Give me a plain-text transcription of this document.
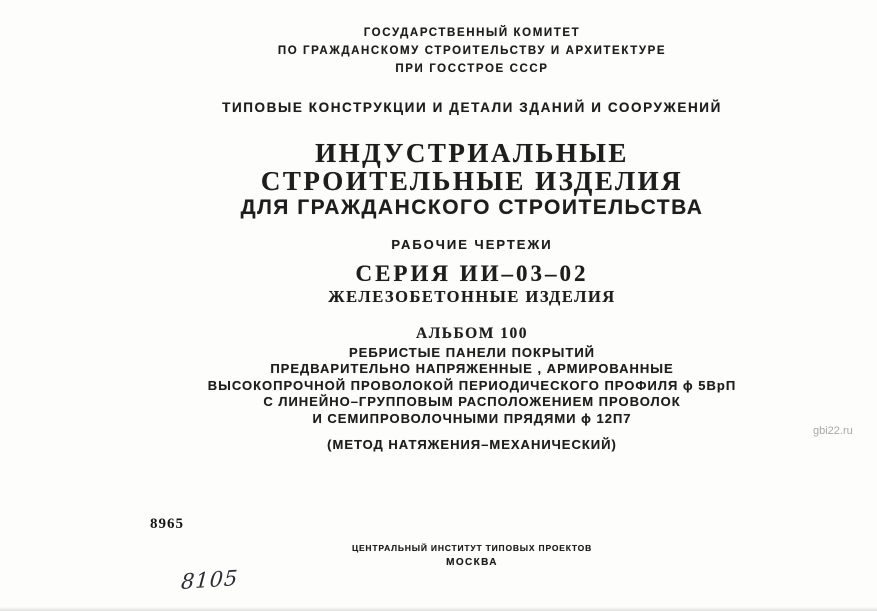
ГОСУДАРСТВЕННЫЙ КОМИТЕТ
ПО ГРАЖДАНСКОМУ СТРОИТЕЛЬСТВУ И АРХИТЕКТУРЕ
ПРИ ГОССТРОЕ СССР
ТИПОВЫЕ КОНСТРУКЦИИ И ДЕТАЛИ ЗДАНИЙ И СООРУЖЕНИЙ
ИНДУСТРИАЛЬНЫЕ
СТРОИТЕЛЬНЫЕ ИЗДЕЛИЯ
ДЛЯ ГРАЖДАНСКОГО СТРОИТЕЛЬСТВА
РАБОЧИЕ ЧЕРТЕЖИ
СЕРИЯ ИИ–03–02
ЖЕЛЕЗОБЕТОННЫЕ ИЗДЕЛИЯ
АЛЬБОМ 100
РЕБРИСТЫЕ ПАНЕЛИ ПОКРЫТИЙ
ПРЕДВАРИТЕЛЬНО НАПРЯЖЕННЫЕ , АРМИРОВАННЫЕ
ВЫСОКОПРОЧНОЙ ПРОВОЛОКОЙ ПЕРИОДИЧЕСКОГО ПРОФИЛЯ ϕ 5ВрП
С ЛИНЕЙНО–ГРУППОВЫМ РАСПОЛОЖЕНИЕМ ПРОВОЛОК
И СЕМИПРОВОЛОЧНЫМИ ПРЯДЯМИ ϕ 12П7
(МЕТОД НАТЯЖЕНИЯ–МЕХАНИЧЕСКИЙ)
8965
ЦЕНТРАЛЬНЫЙ ИНСТИТУТ ТИПОВЫХ ПРОЕКТОВ
МОСКВА
8105
gbi22.ru
